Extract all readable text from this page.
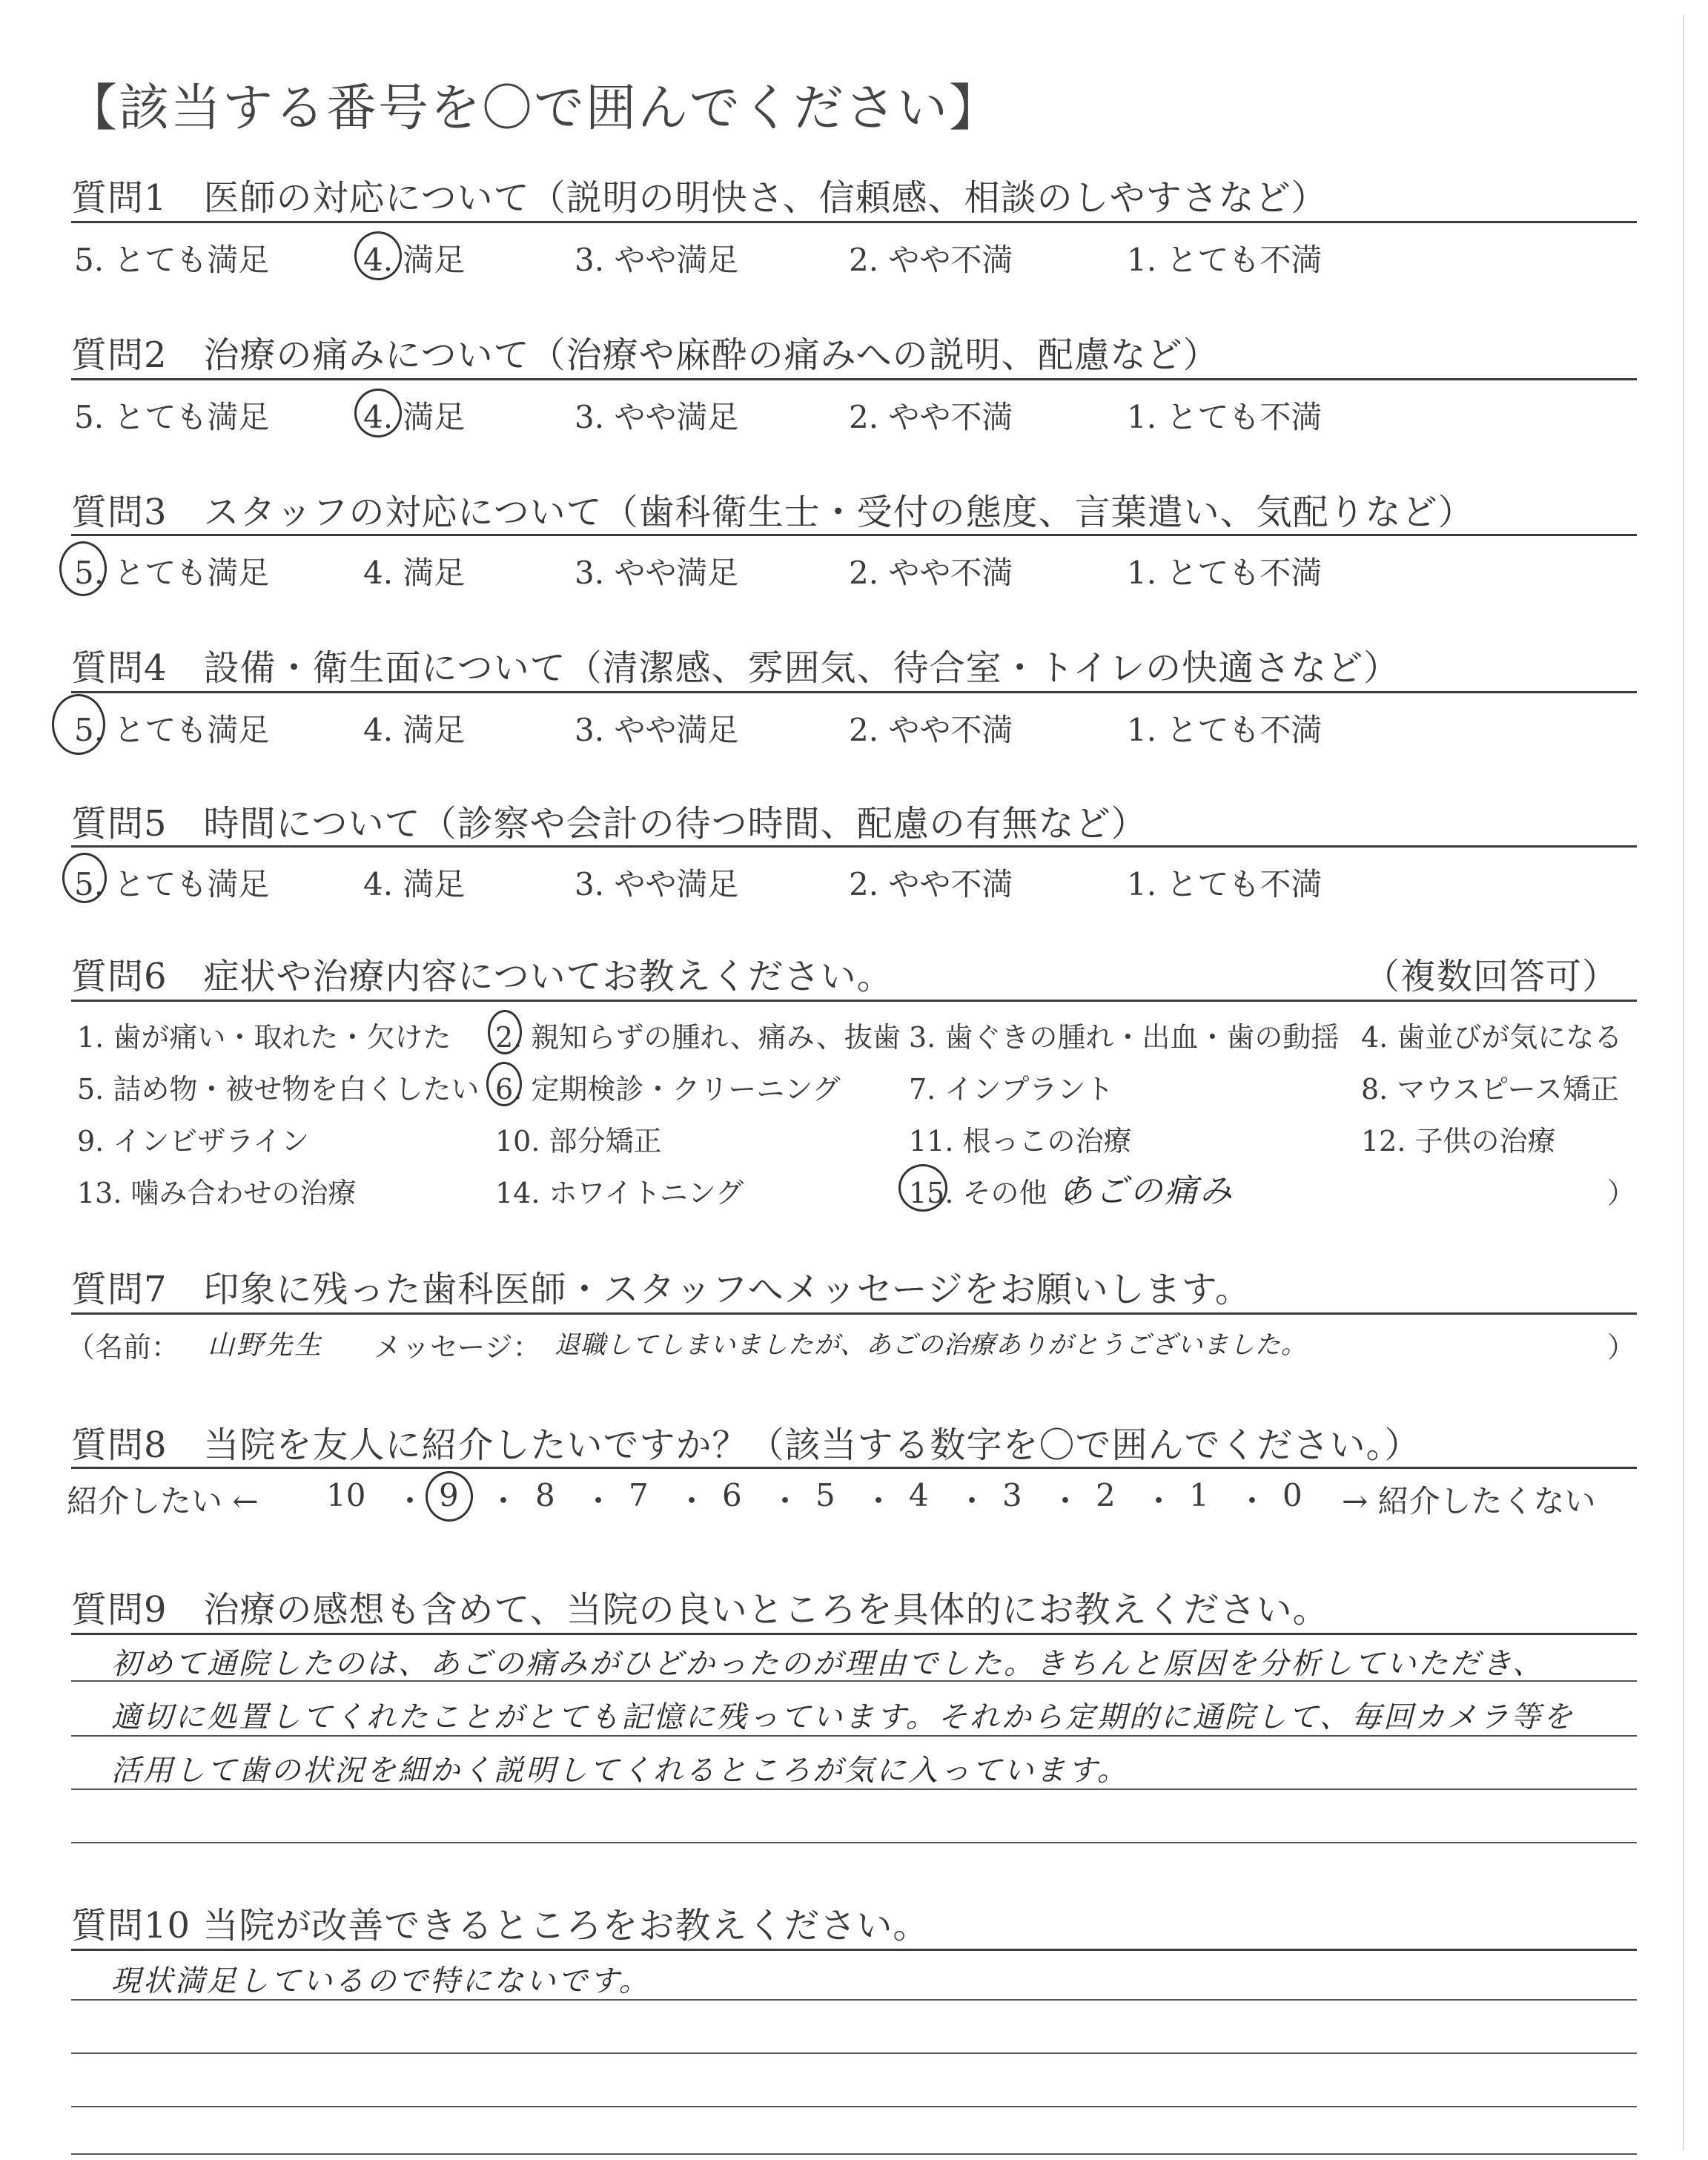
【該当する番号を〇で囲んでください】
質問1　医師の対応について（説明の明快さ、信頼感、相談のしやすさなど）
5. とても満足	4. 満足	3. やや満足	2. やや不満	1. とても不満
質問2　治療の痛みについて（治療や麻酔の痛みへの説明、配慮など）
5. とても満足	4. 満足	3. やや満足	2. やや不満	1. とても不満
質問3　スタッフの対応について（歯科衛生士・受付の態度、言葉遣い、気配りなど）
5. とても満足	4. 満足	3. やや満足	2. やや不満	1. とても不満
質問4　設備・衛生面について（清潔感、雰囲気、待合室・トイレの快適さなど）
5. とても満足	4. 満足	3. やや満足	2. やや不満	1. とても不満
質問5　時間について（診察や会計の待つ時間、配慮の有無など）
5. とても満足	4. 満足	3. やや満足	2. やや不満	1. とても不満
質問6　症状や治療内容についてお教えください。	（複数回答可）
1. 歯が痛い・取れた・欠けた 2. 親知らずの腫れ、痛み、抜歯 3. 歯ぐきの腫れ・出血・歯の動揺 4. 歯並びが気になる
5. 詰め物・被せ物を白くしたい 6. 定期検診・クリーニング 7. インプラント	8. マウスピース矯正
9. インビザライン	10. 部分矯正	11. 根っこの治療	12. 子供の治療
13. 噛み合わせの治療	14. ホワイトニング	15. その他（
あごの痛み	）
質問7　印象に残った歯科医師・スタッフへメッセージをお願いします。
（名前： 山野先生 メッセージ： 退職してしまいましたが、あごの治療ありがとうございました。	）
質問8　当院を友人に紹介したいですか？（該当する数字を〇で囲んでください。）
紹介したい ←	→ 紹介したくない
10 ・ 9 ・ 8 ・ 7 ・ 6 ・ 5 ・ 4 ・ 3 ・ 2 ・ 1 ・ 0
質問9　治療の感想も含めて、当院の良いところを具体的にお教えください。
初めて通院したのは、あごの痛みがひどかったのが理由でした。きちんと原因を分析していただき、
適切に処置してくれたことがとても記憶に残っています。それから定期的に通院して、毎回カメラ等を
活用して歯の状況を細かく説明してくれるところが気に入っています。
質問10 当院が改善できるところをお教えください。
現状満足しているので特にないです。
